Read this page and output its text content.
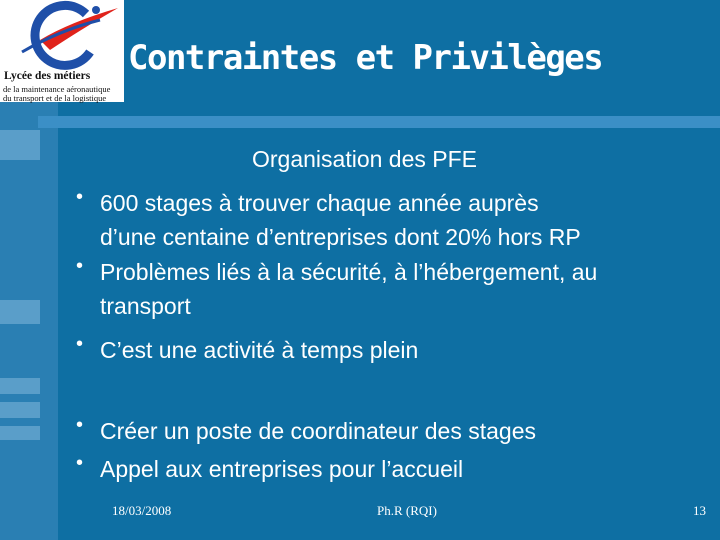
Lycée des métiers
de la maintenance aéronautique
du transport et de la logistique
Contraintes et Privilèges
Organisation des PFE
• 600 stages à trouver chaque année auprès
d’une centaine d’entreprises dont 20% hors RP
• Problèmes liés à la sécurité, à l’hébergement, au
transport
• C’est une activité à temps plein
• Créer un poste de coordinateur des stages
• Appel aux entreprises pour l’accueil
18/03/2008	Ph.R (RQI)	13
